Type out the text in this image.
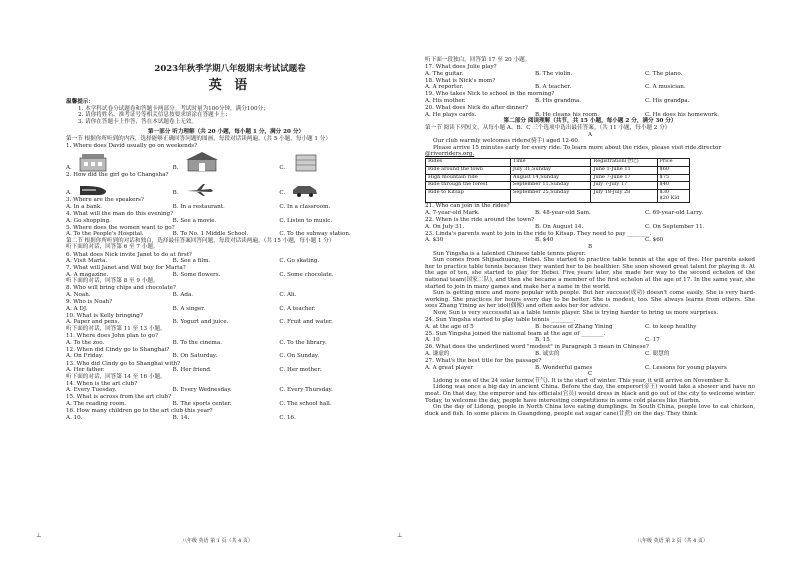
2023年秋季学期八年级期末考试试题卷
英 语
温馨提示：
1. 本学科试卷分试题卷和答题卡两部分。考试时量为100分钟，满分100分；
2. 请你将姓名、准考证号等相关信息按要求填涂在答题卡上；
3. 请你在答题卡上作答，答在本试题卷上无效。
第一部分 听力理解（共 20 小题，每小题 1 分，满分 20 分）
第一节 根据你所听到的内容，选择能够正确回答问题的图画，每段对话读两遍。（共 5 小题，每小题 1 分）
1. Where does David usually go on weekends?
A.	B.	C.
2. How did the girl go to Changsha?
A.	B.	C.
3. Where are the speakers?
A. In a bank.	B. In a restaurant.	C. In a classroom.
4. What will the man do this evening?
A. Go shopping.	B. See a movie.	C. Listen to music.
5. Where does the women want to go?
A. To the People's Hospital.	B. To No. 1 Middle School.	C. To the subway station.
第二节 根据你所听到的对话和独白，选择最佳答案回答问题，每段对话读两遍。（共 15 小题，每小题 1 分）
听下面的对话，回答第 6 至 7 小题。
6. What does Nick invite Janet to do at first?
A. Visit Marta.	B. See a film.	C. Go skating.
7. What will Janet and Will buy for Marta?
A. A magazine.	B. Some flowers.	C. Some chocolate.
听下面的对话，回答第 8 至 9 小题。
8. Who will bring chips and chocolate?
A. Noah.	B. Ada.	C. Ali.
9. Who is Noah?
A. A DJ.	B. A singer.	C. A teacher.
10. What is Kelly bringing?
A. Paper and pens.	B. Yogurt and juice.	C. Fruit and water.
听下面的对话，回答第 11 至 13 小题。
11. Where does John plan to go?
A. To the zoo.	B. To the cinema.	C. To the library.
12. When did Cindy go to Shanghai?
A. On Friday.	B. On Saturday.	C. On Sunday.
13. Who did Cindy go to Shanghai with?
A. Her father.	B. Her friend.	C. Her mother.
听下面的对话，回答第 14 至 16 小题。
14. When is the art club?
A. Every Tuesday.	B. Every Wednesday.	C. Every Thursday.
15. What is across from the art club?
A. The reading room.	B. The sports center.	C. The school hall.
16. How many children go to the art club this year?
A. 10.	B. 14.	C. 16.
八年级 英语 第 1 页（共 4 页）
⊥
听下面一段独白，回答第 17 至 20 小题。
17. What does Julie play?
A. The guitar.	B. The violin.	C. The piano.
18. What is Nick's mom?
A. A reporter.	B. A teacher.	C. A musician.
19. Who takes Nick to school in the morning?
A. His mother.	B. His grandma.	C. His grandpa.
20. What does Nick do after dinner?
A. He plays cards.	B. He cleans his room.	C. He does his homework.
第二部分 阅读理解（共节，共 15 小题，每小题 2 分，满分 30 分）
第一节 阅读下列短文，从每小题 A、B、C 三个选项中选出最佳答案。（共 11 小题，每小题 2 分）
A
Our club warmly welcomes riders(骑手) aged 12-60.
Please arrive 15 minutes early for every ride. To learn more about the rides, please visit ride.director
@riverriders.org.
Rides	Time	Registration(登记)	Price
Ride around the town	July 31,Sunday	June 1-June 11	$60
High mountain ride	August 14,Sunday	June 7-June 17	$75
Ride through the forest	September 11,Sunday	July 7-July 17	$40
Ride to Kitsap	September 25,Sunday	July 18-July 28	$30
$20 Kid
21. Who can join in the rides?
A. 7-year-old Mark.	B. 48-year-old Sam.	C. 69-year-old Larry.
22. When is the ride around the town?
A. On July 31.	B. On August 14.	C. On September 11.
23. Linda's parents want to join in the ride to Kitsap. They need to pay ________.
A. $30	B. $40	C. $60
B
Sun Yingsha is a talented Chinese table tennis player.
Sun comes from Shijiazhuang, Hebei. She started to practice table tennis at the age of five. Her parents asked her to practice table tennis because they wanted her to be healthier. She soon showed great talent for playing it. At the age of ten, she started to play for Hebei. Five years later, she made her way to the second echelon of the national team(国家二队), and then she became a member of the first echelon at the age of 17. In the same year, she started to join in many games and make her a name in the world.
Sun is getting more and more popular with people. But her success(成功) doesn't come easily. She is very hard-working. She practices for hours every day to be better. She is modest, too. She always learns from others. She sees Zhang Yining as her idol(偶像) and often asks her for advice.
Now, Sun is very successful as a table tennis player. She is trying harder to bring us more surprises.
24. Sun Yingsha started to play table tennis ________.
A. at the age of 5	B. because of Zhang Yining	C. to keep healthy
25. Sun Yingsha joined the national team at the age of ________.
A. 10	B. 15	C. 17
26. What does the underlined word "modest" in Paragraph 3 mean in Chinese?
A. 谦虚的	B. 诚实的	C. 聪慧的
27. What's the best title for the passage?
A. A great player	B. Wonderful games	C. Lessons for young players
C
Lidong is one of the 24 solar terms(节气). It is the start of winter. This year, it will arrive on November 8.
Lidong was once a big day in ancient China. Before the day, the emperor(帝王) would take a shower and have no meat. On that day, the emperor and his officials(官员) would dress in black and go out of the city to welcome winter. Today, to welcome the day, people have interesting competitions in some cold places like Harbin.
On the day of Lidong, people in North China love eating dumplings. In South China, people love to eat chicken, duck and fish. In some places in Guangdong, people eat sugar cane(甘蔗) on the day. They think
八年级 英语 第 2 页（共 4 页）
⊥
